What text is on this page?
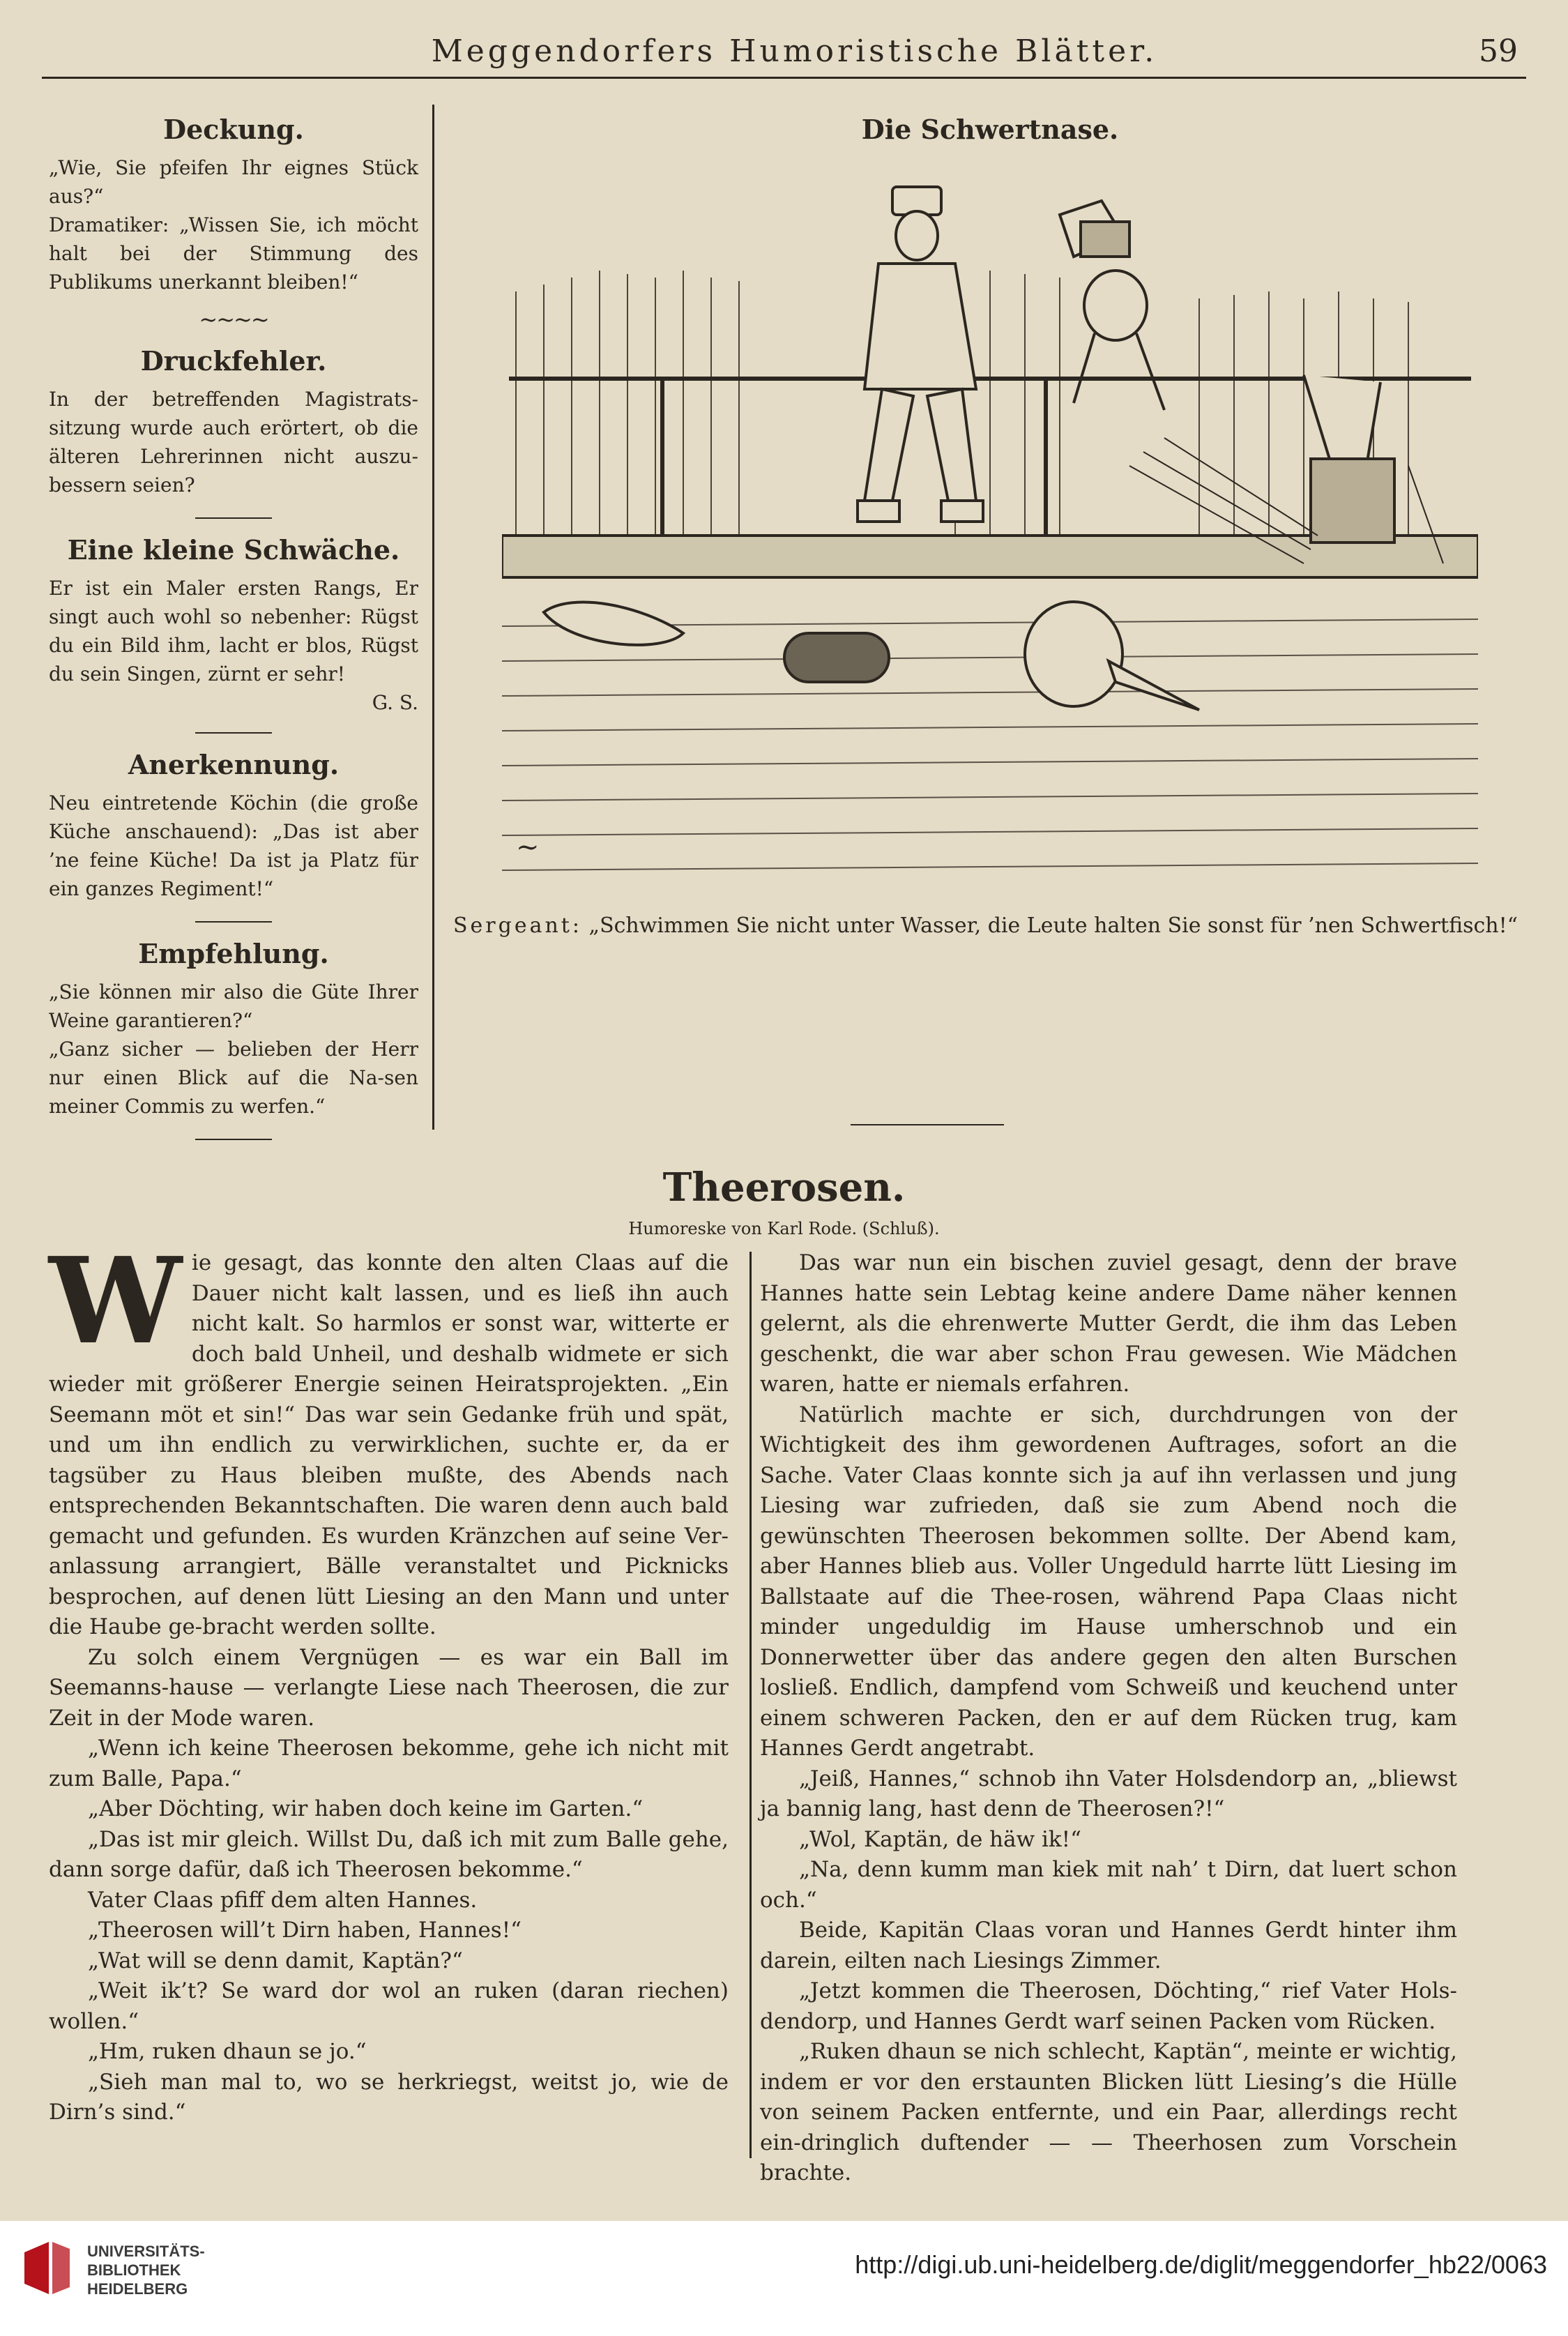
Meggendorfers Humoristische Blätter.	59
Deckung.

„Wie, Sie pfeifen Ihr eignes Stück aus?“

Dramatiker: „Wissen Sie, ich möcht halt bei der Stimmung des Publikums unerkannt bleiben!“

~~~~
Druckfehler.

In der betreffenden Magistrats-sitzung wurde auch erörtert, ob die älteren Lehrerinnen nicht auszu-bessern seien?

Eine kleine Schwäche.

Er ist ein Maler ersten Rangs, Er singt auch wohl so nebenher: Rügst du ein Bild ihm, lacht er blos, Rügst du sein Singen, zürnt er sehr!

G. S.
Anerkennung.

Neu eintretende Köchin (die große Küche anschauend): „Das ist aber ’ne feine Küche! Da ist ja Platz für ein ganzes Regiment!“

Empfehlung.

„Sie können mir also die Güte Ihrer Weine garantieren?“

„Ganz sicher — belieben der Herr nur einen Blick auf die Na-sen meiner Commis zu werfen.“

Die Schwertnase.
~
Sergeant: „Schwimmen Sie nicht unter Wasser, die Leute halten Sie sonst für ’nen Schwertfisch!“
Theerosen.
Humoreske von Karl Rode. (Schluß).
W ie gesagt, das konnte den alten Claas auf die Dauer nicht kalt lassen, und es ließ ihn auch nicht kalt. So harmlos er sonst war, witterte er doch bald Unheil, und deshalb widmete er sich wieder mit größerer Energie seinen Heiratsprojekten. „Ein Seemann möt et sin!“ Das war sein Gedanke früh und spät, und um ihn endlich zu verwirklichen, suchte er, da er tagsüber zu Haus bleiben mußte, des Abends nach entsprechenden Bekanntschaften. Die waren denn auch bald gemacht und gefunden. Es wurden Kränzchen auf seine Ver-anlassung arrangiert, Bälle veranstaltet und Picknicks besprochen, auf denen lütt Liesing an den Mann und unter die Haube ge-bracht werden sollte.

Zu solch einem Vergnügen — es war ein Ball im Seemanns-hause — verlangte Liese nach Theerosen, die zur Zeit in der Mode waren.

„Wenn ich keine Theerosen bekomme, gehe ich nicht mit zum Balle, Papa.“

„Aber Döchting, wir haben doch keine im Garten.“

„Das ist mir gleich. Willst Du, daß ich mit zum Balle gehe, dann sorge dafür, daß ich Theerosen bekomme.“

Vater Claas pfiff dem alten Hannes.

„Theerosen will’t Dirn haben, Hannes!“

„Wat will se denn damit, Kaptän?“

„Weit ik’t? Se ward dor wol an ruken (daran riechen) wollen.“

„Hm, ruken dhaun se jo.“

„Sieh man mal to, wo se herkriegst, weitst jo, wie de Dirn’s sind.“

Das war nun ein bischen zuviel gesagt, denn der brave Hannes hatte sein Lebtag keine andere Dame näher kennen gelernt, als die ehrenwerte Mutter Gerdt, die ihm das Leben geschenkt, die war aber schon Frau gewesen. Wie Mädchen waren, hatte er niemals erfahren.

Natürlich machte er sich, durchdrungen von der Wichtigkeit des ihm gewordenen Auftrages, sofort an die Sache. Vater Claas konnte sich ja auf ihn verlassen und jung Liesing war zufrieden, daß sie zum Abend noch die gewünschten Theerosen bekommen sollte. Der Abend kam, aber Hannes blieb aus. Voller Ungeduld harrte lütt Liesing im Ballstaate auf die Thee-rosen, während Papa Claas nicht minder ungeduldig im Hause umherschnob und ein Donnerwetter über das andere gegen den alten Burschen losließ. Endlich, dampfend vom Schweiß und keuchend unter einem schweren Packen, den er auf dem Rücken trug, kam Hannes Gerdt angetrabt.

„Jeiß, Hannes,“ schnob ihn Vater Holsdendorp an, „bliewst ja bannig lang, hast denn de Theerosen?!“

„Wol, Kaptän, de häw ik!“

„Na, denn kumm man kiek mit nah’ t Dirn, dat luert schon och.“

Beide, Kapitän Claas voran und Hannes Gerdt hinter ihm darein, eilten nach Liesings Zimmer.

„Jetzt kommen die Theerosen, Döchting,“ rief Vater Hols-dendorp, und Hannes Gerdt warf seinen Packen vom Rücken.

„Ruken dhaun se nich schlecht, Kaptän“, meinte er wichtig, indem er vor den erstaunten Blicken lütt Liesing’s die Hülle von seinem Packen entfernte, und ein Paar, allerdings recht ein-dringlich duftender — — Theerhosen zum Vorschein brachte.

UNIVERSITÄTS-
BIBLIOTHEK
HEIDELBERG
http://digi.ub.uni-heidelberg.de/diglit/meggendorfer_hb22/0063
